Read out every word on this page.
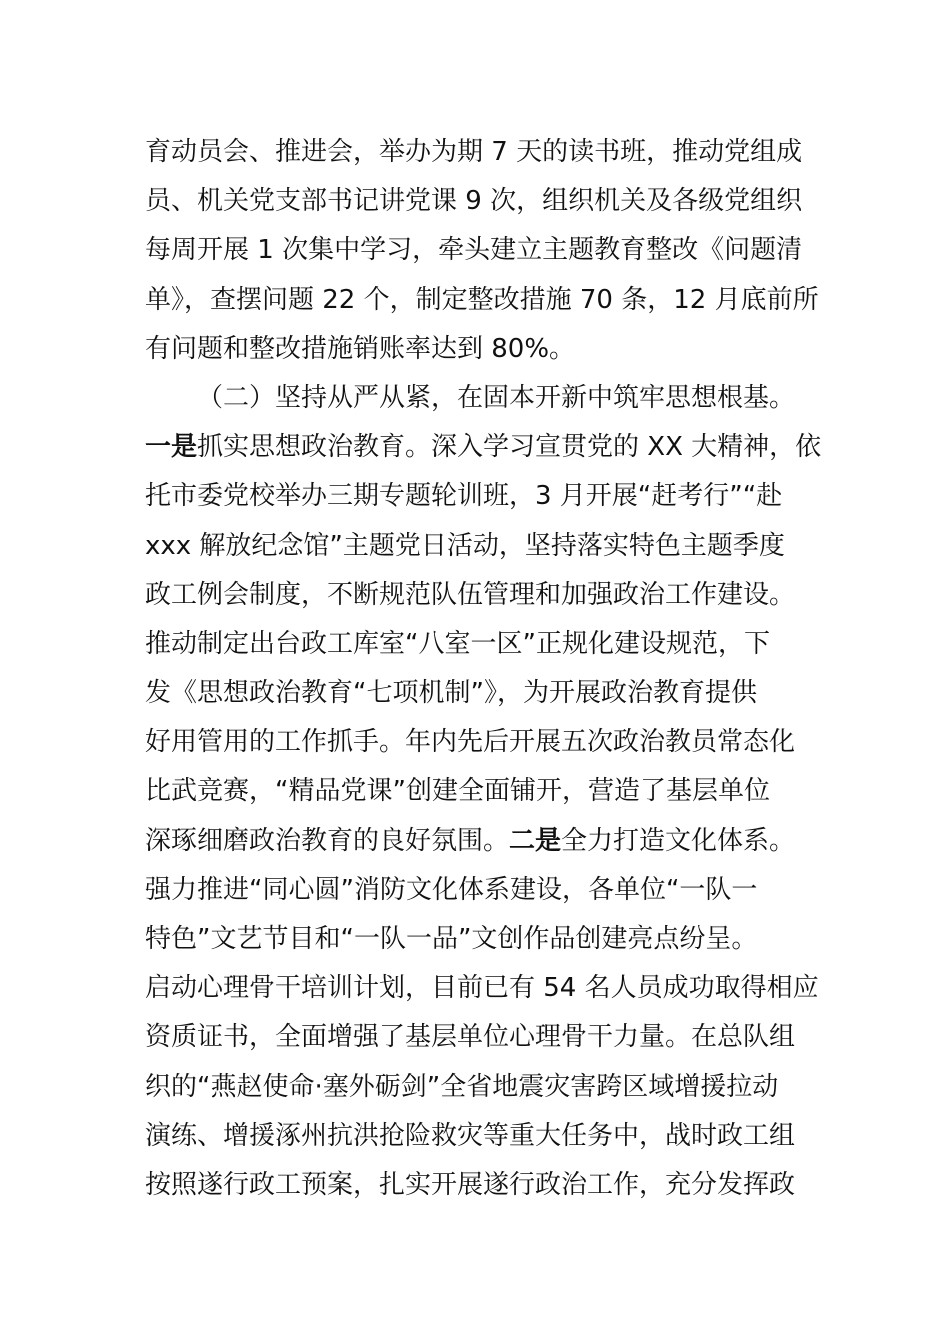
育动员会、推进会，举办为期 7 天的读书班，推动党组成
员、机关党支部书记讲党课 9 次，组织机关及各级党组织
每周开展 1 次集中学习，牵头建立主题教育整改《问题清
单》，查摆问题 22 个，制定整改措施 70 条，12 月底前所
有问题和整改措施销账率达到 80%。
（二）坚持从严从紧，在固本开新中筑牢思想根基。
一是抓实思想政治教育。深入学习宣贯党的 XX 大精神，依
托市委党校举办三期专题轮训班，3 月开展“赶考行”“赴
xxx 解放纪念馆”主题党日活动，坚持落实特色主题季度
政工例会制度，不断规范队伍管理和加强政治工作建设。
推动制定出台政工库室“八室一区”正规化建设规范，下
发《思想政治教育“七项机制”》，为开展政治教育提供
好用管用的工作抓手。年内先后开展五次政治教员常态化
比武竞赛，“精品党课”创建全面铺开，营造了基层单位
深琢细磨政治教育的良好氛围。二是全力打造文化体系。
强力推进“同心圆”消防文化体系建设，各单位“一队一
特色”文艺节目和“一队一品”文创作品创建亮点纷呈。
启动心理骨干培训计划，目前已有 54 名人员成功取得相应
资质证书，全面增强了基层单位心理骨干力量。在总队组
织的“燕赵使命·塞外砺剑”全省地震灾害跨区域增援拉动
演练、增援涿州抗洪抢险救灾等重大任务中，战时政工组
按照遂行政工预案，扎实开展遂行政治工作，充分发挥政
